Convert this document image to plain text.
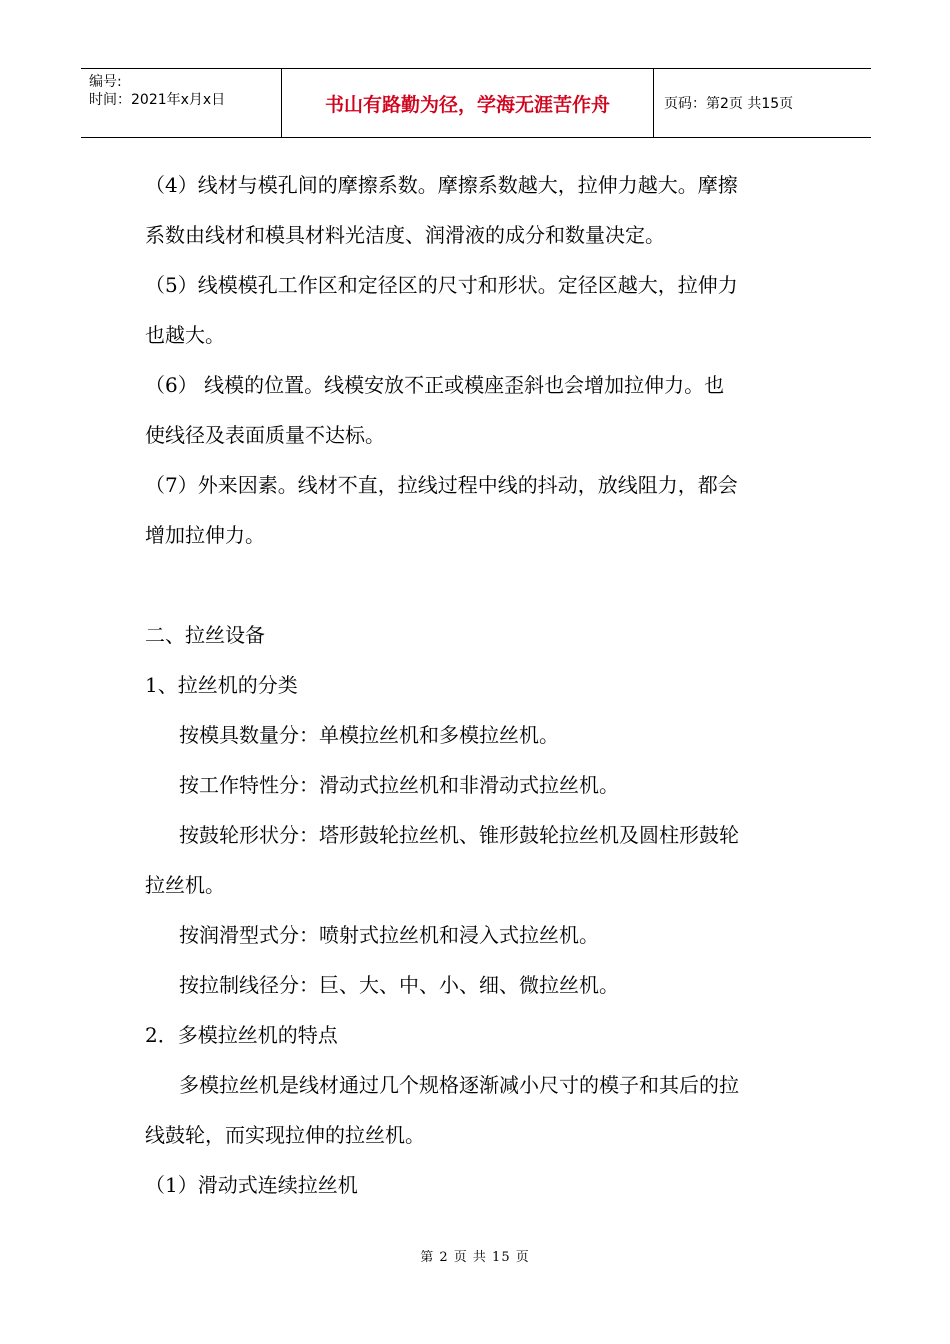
编号:
时间：2021年x月x日	书山有路勤为径，学海无涯苦作舟	页码：第2页 共15页

（4）线材与模孔间的摩擦系数。摩擦系数越大，拉伸力越大。摩擦

系数由线材和模具材料光洁度、润滑液的成分和数量决定。

（5）线模模孔工作区和定径区的尺寸和形状。定径区越大，拉伸力

也越大。

（6） 线模的位置。线模安放不正或模座歪斜也会增加拉伸力。也

使线径及表面质量不达标。

（7）外来因素。线材不直，拉线过程中线的抖动，放线阻力，都会

增加拉伸力。

二、拉丝设备

1、拉丝机的分类

按模具数量分：单模拉丝机和多模拉丝机。

按工作特性分：滑动式拉丝机和非滑动式拉丝机。

按鼓轮形状分：塔形鼓轮拉丝机、锥形鼓轮拉丝机及圆柱形鼓轮

拉丝机。

按润滑型式分：喷射式拉丝机和浸入式拉丝机。

按拉制线径分：巨、大、中、小、细、微拉丝机。

2．多模拉丝机的特点

多模拉丝机是线材通过几个规格逐渐减小尺寸的模子和其后的拉

线鼓轮，而实现拉伸的拉丝机。

（1）滑动式连续拉丝机

第 2 页 共 15 页
